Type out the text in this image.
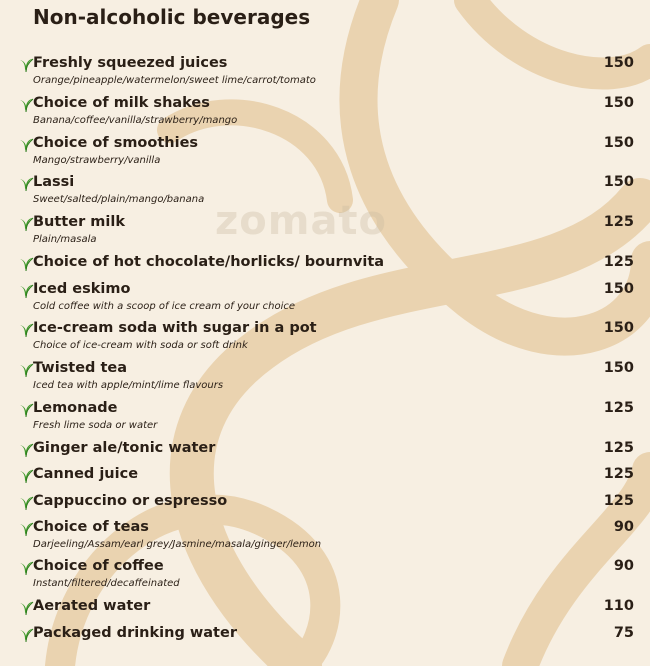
zomato
Non-alcoholic beverages
Freshly squeezed juices
Orange/pineapple/watermelon/sweet lime/carrot/tomato
150
Choice of milk shakes
Banana/coffee/vanilla/strawberry/mango
150
Choice of smoothies
Mango/strawberry/vanilla
150
Lassi
Sweet/salted/plain/mango/banana
150
Butter milk
Plain/masala
125
Choice of hot chocolate/horlicks/ bournvita	125
Iced eskimo
Cold coffee with a scoop of ice cream of your choice
150
Ice-cream soda with sugar in a pot
Choice of ice-cream with soda or soft drink
150
Twisted tea
Iced tea with apple/mint/lime flavours
150
Lemonade
Fresh lime soda or water
125
Ginger ale/tonic water	125
Canned juice	125
Cappuccino or espresso	125
Choice of teas
Darjeeling/Assam/earl grey/Jasmine/masala/ginger/lemon
90
Choice of coffee
Instant/filtered/decaffeinated
90
Aerated water	110
Packaged drinking water	75
